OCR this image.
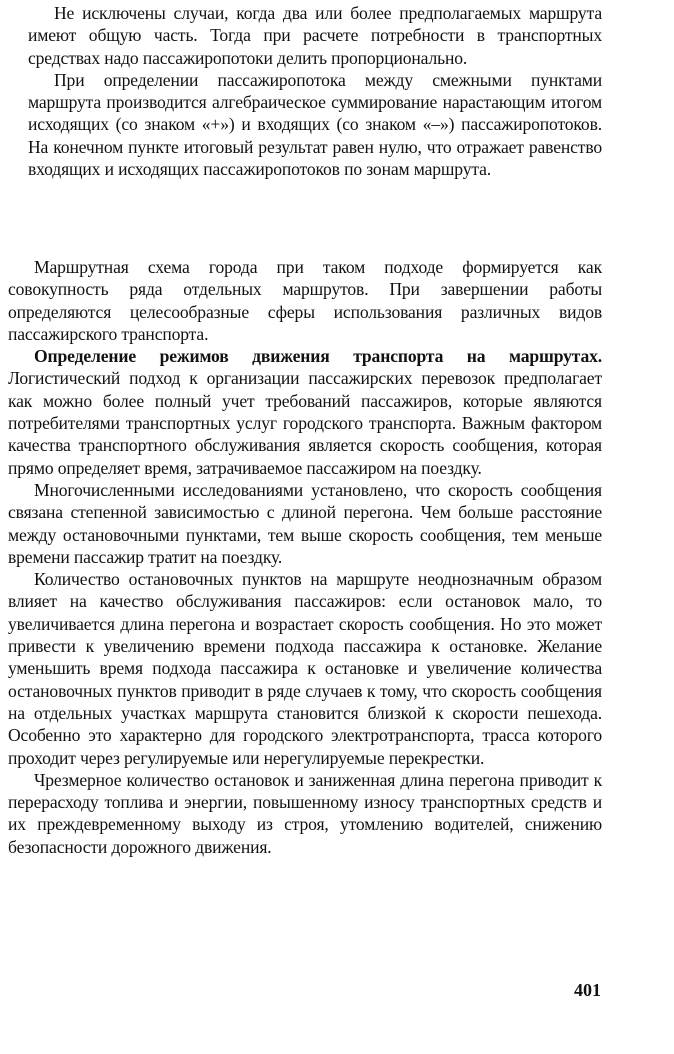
Не исключены случаи, когда два или более предполагаемых маршрута имеют общую часть. Тогда при расчете потребности в транспортных средствах надо пассажиропотоки делить пропорционально.

При определении пассажиропотока между смежными пунктами маршрута производится алгебраическое суммирование нарастающим итогом исходящих (со знаком «+») и входящих (со знаком «–») пассажиропотоков. На конечном пункте итоговый результат равен нулю, что отражает равенство входящих и исходящих пассажиропотоков по зонам маршрута.

Маршрутная схема города при таком подходе формируется как совокупность ряда отдельных маршрутов. При завершении работы определяются целесообразные сферы использования различных видов пассажирского транспорта.

Определение режимов движения транспорта на маршрутах. Логистический подход к организации пассажирских перевозок предполагает как можно более полный учет требований пассажиров, которые являются потребителями транспортных услуг городского транспорта. Важным фактором качества транспортного обслуживания является скорость сообщения, которая прямо определяет время, затрачиваемое пассажиром на поездку.

Многочисленными исследованиями установлено, что скорость сообщения связана степенной зависимостью с длиной перегона. Чем больше расстояние между остановочными пунктами, тем выше скорость сообщения, тем меньше времени пассажир тратит на поездку.

Количество остановочных пунктов на маршруте неоднозначным образом влияет на качество обслуживания пассажиров: если остановок мало, то увеличивается длина перегона и возрастает скорость сообщения. Но это может привести к увеличению времени подхода пассажира к остановке. Желание уменьшить время подхода пассажира к остановке и увеличение количества остановочных пунктов приводит в ряде случаев к тому, что скорость сообщения на отдельных участках маршрута становится близкой к скорости пешехода. Особенно это характерно для городского электротранспорта, трасса которого проходит через регулируемые или нерегулируемые перекрестки.

Чрезмерное количество остановок и заниженная длина перегона приводит к перерасходу топлива и энергии, повышенному износу транспортных средств и их преждевременному выходу из строя, утомлению водителей, снижению безопасности дорожного движения.

401
